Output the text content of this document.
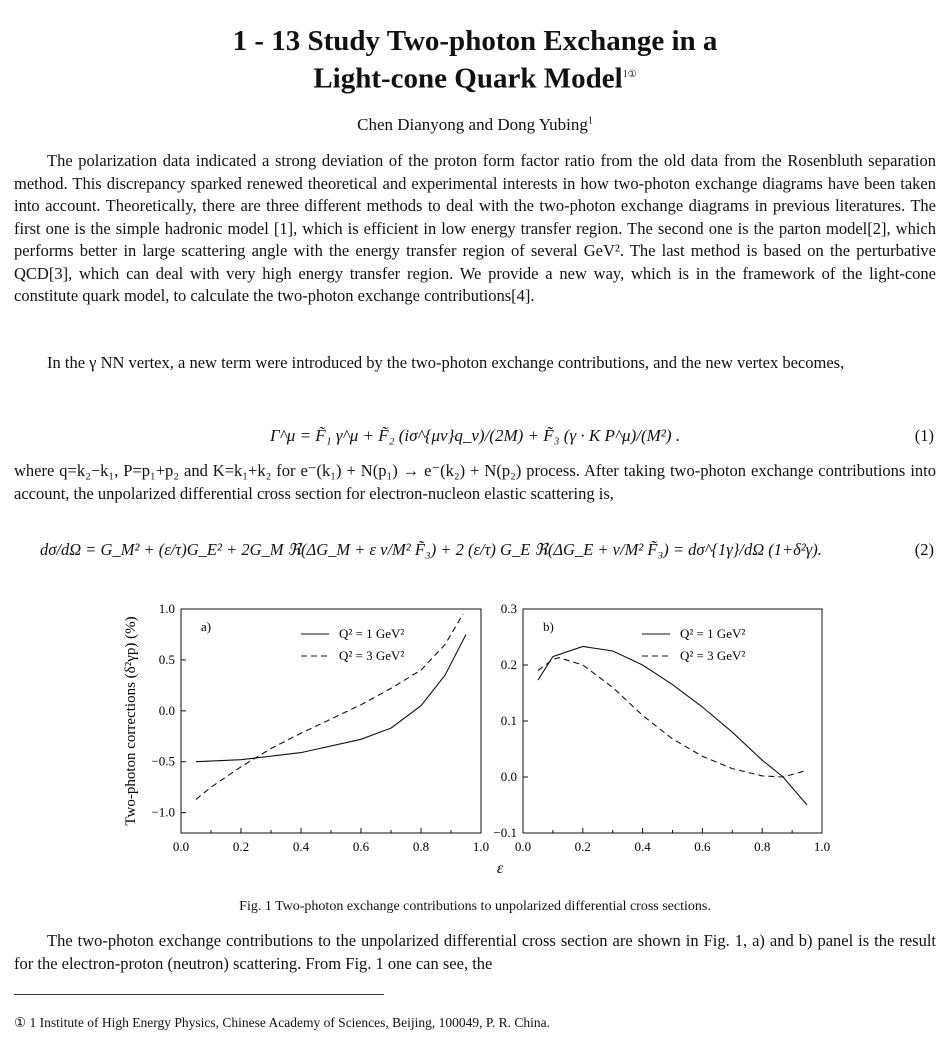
1 - 13 Study Two-photon Exchange in a
Light-cone Quark Model$^{1①}$
Chen Dianyong and Dong Yubing$^1$
The polarization data indicated a strong deviation of the proton form factor ratio from the old data from the Rosenbluth separation method. This discrepancy sparked renewed theoretical and experimental interests in how two-photon exchange diagrams have been taken into account. Theoretically, there are three different methods to deal with the two-photon exchange diagrams in previous literatures. The first one is the simple hadronic model [1], which is efficient in low energy transfer region. The second one is the parton model[2], which performs better in large scattering angle with the energy transfer region of several GeV². The last method is based on the perturbative QCD[3], which can deal with very high energy transfer region. We provide a new way, which is in the framework of the light-cone constitute quark model, to calculate the two-photon exchange contributions[4].
In the γ NN vertex, a new term were introduced by the two-photon exchange contributions, and the new vertex becomes,
Γ^μ = F̃₁ γ^μ + F̃₂ (iσ^{μν}q_ν)/(2M) + F̃₃ (γ · K P^μ)/(M²) .	(1)
where q=k₂−k₁, P=p₁+p₂ and K=k₁+k₂ for e⁻(k₁) + N(p₁) → e⁻(k₂) + N(p₂) process. After taking two-photon exchange contributions into account, the unpolarized differential cross section for electron-nucleon elastic scattering is,
dσ/dΩ = G_M² + (ε/τ)G_E² + 2G_M ℜ(ΔG_M + ε ν/M² F̃₃) + 2 (ε/τ) G_E ℜ(ΔG_E + ν/M² F̃₃) = dσ^{1γ}/dΩ (1+δ²γ).	(2)
0.0	0.2	0.4	0.6	0.8	1.0
1.0
0.5
0.0
−0.5
−1.0
a)	Q² = 1 GeV²
Q² = 3 GeV²
0.0	0.2	0.4	0.6	0.8	1.0
0.3
0.2
0.1
0.0
−0.1
b)	Q² = 1 GeV²
Q² = 3 GeV²
ε
Two-photon corrections (δ²γp) (%)
Fig. 1 Two-photon exchange contributions to unpolarized differential cross sections.
The two-photon exchange contributions to the unpolarized differential cross section are shown in Fig. 1, a) and b) panel is the result for the electron-proton (neutron) scattering. From Fig. 1 one can see, the
① 1 Institute of High Energy Physics, Chinese Academy of Sciences, Beijing, 100049, P. R. China.
